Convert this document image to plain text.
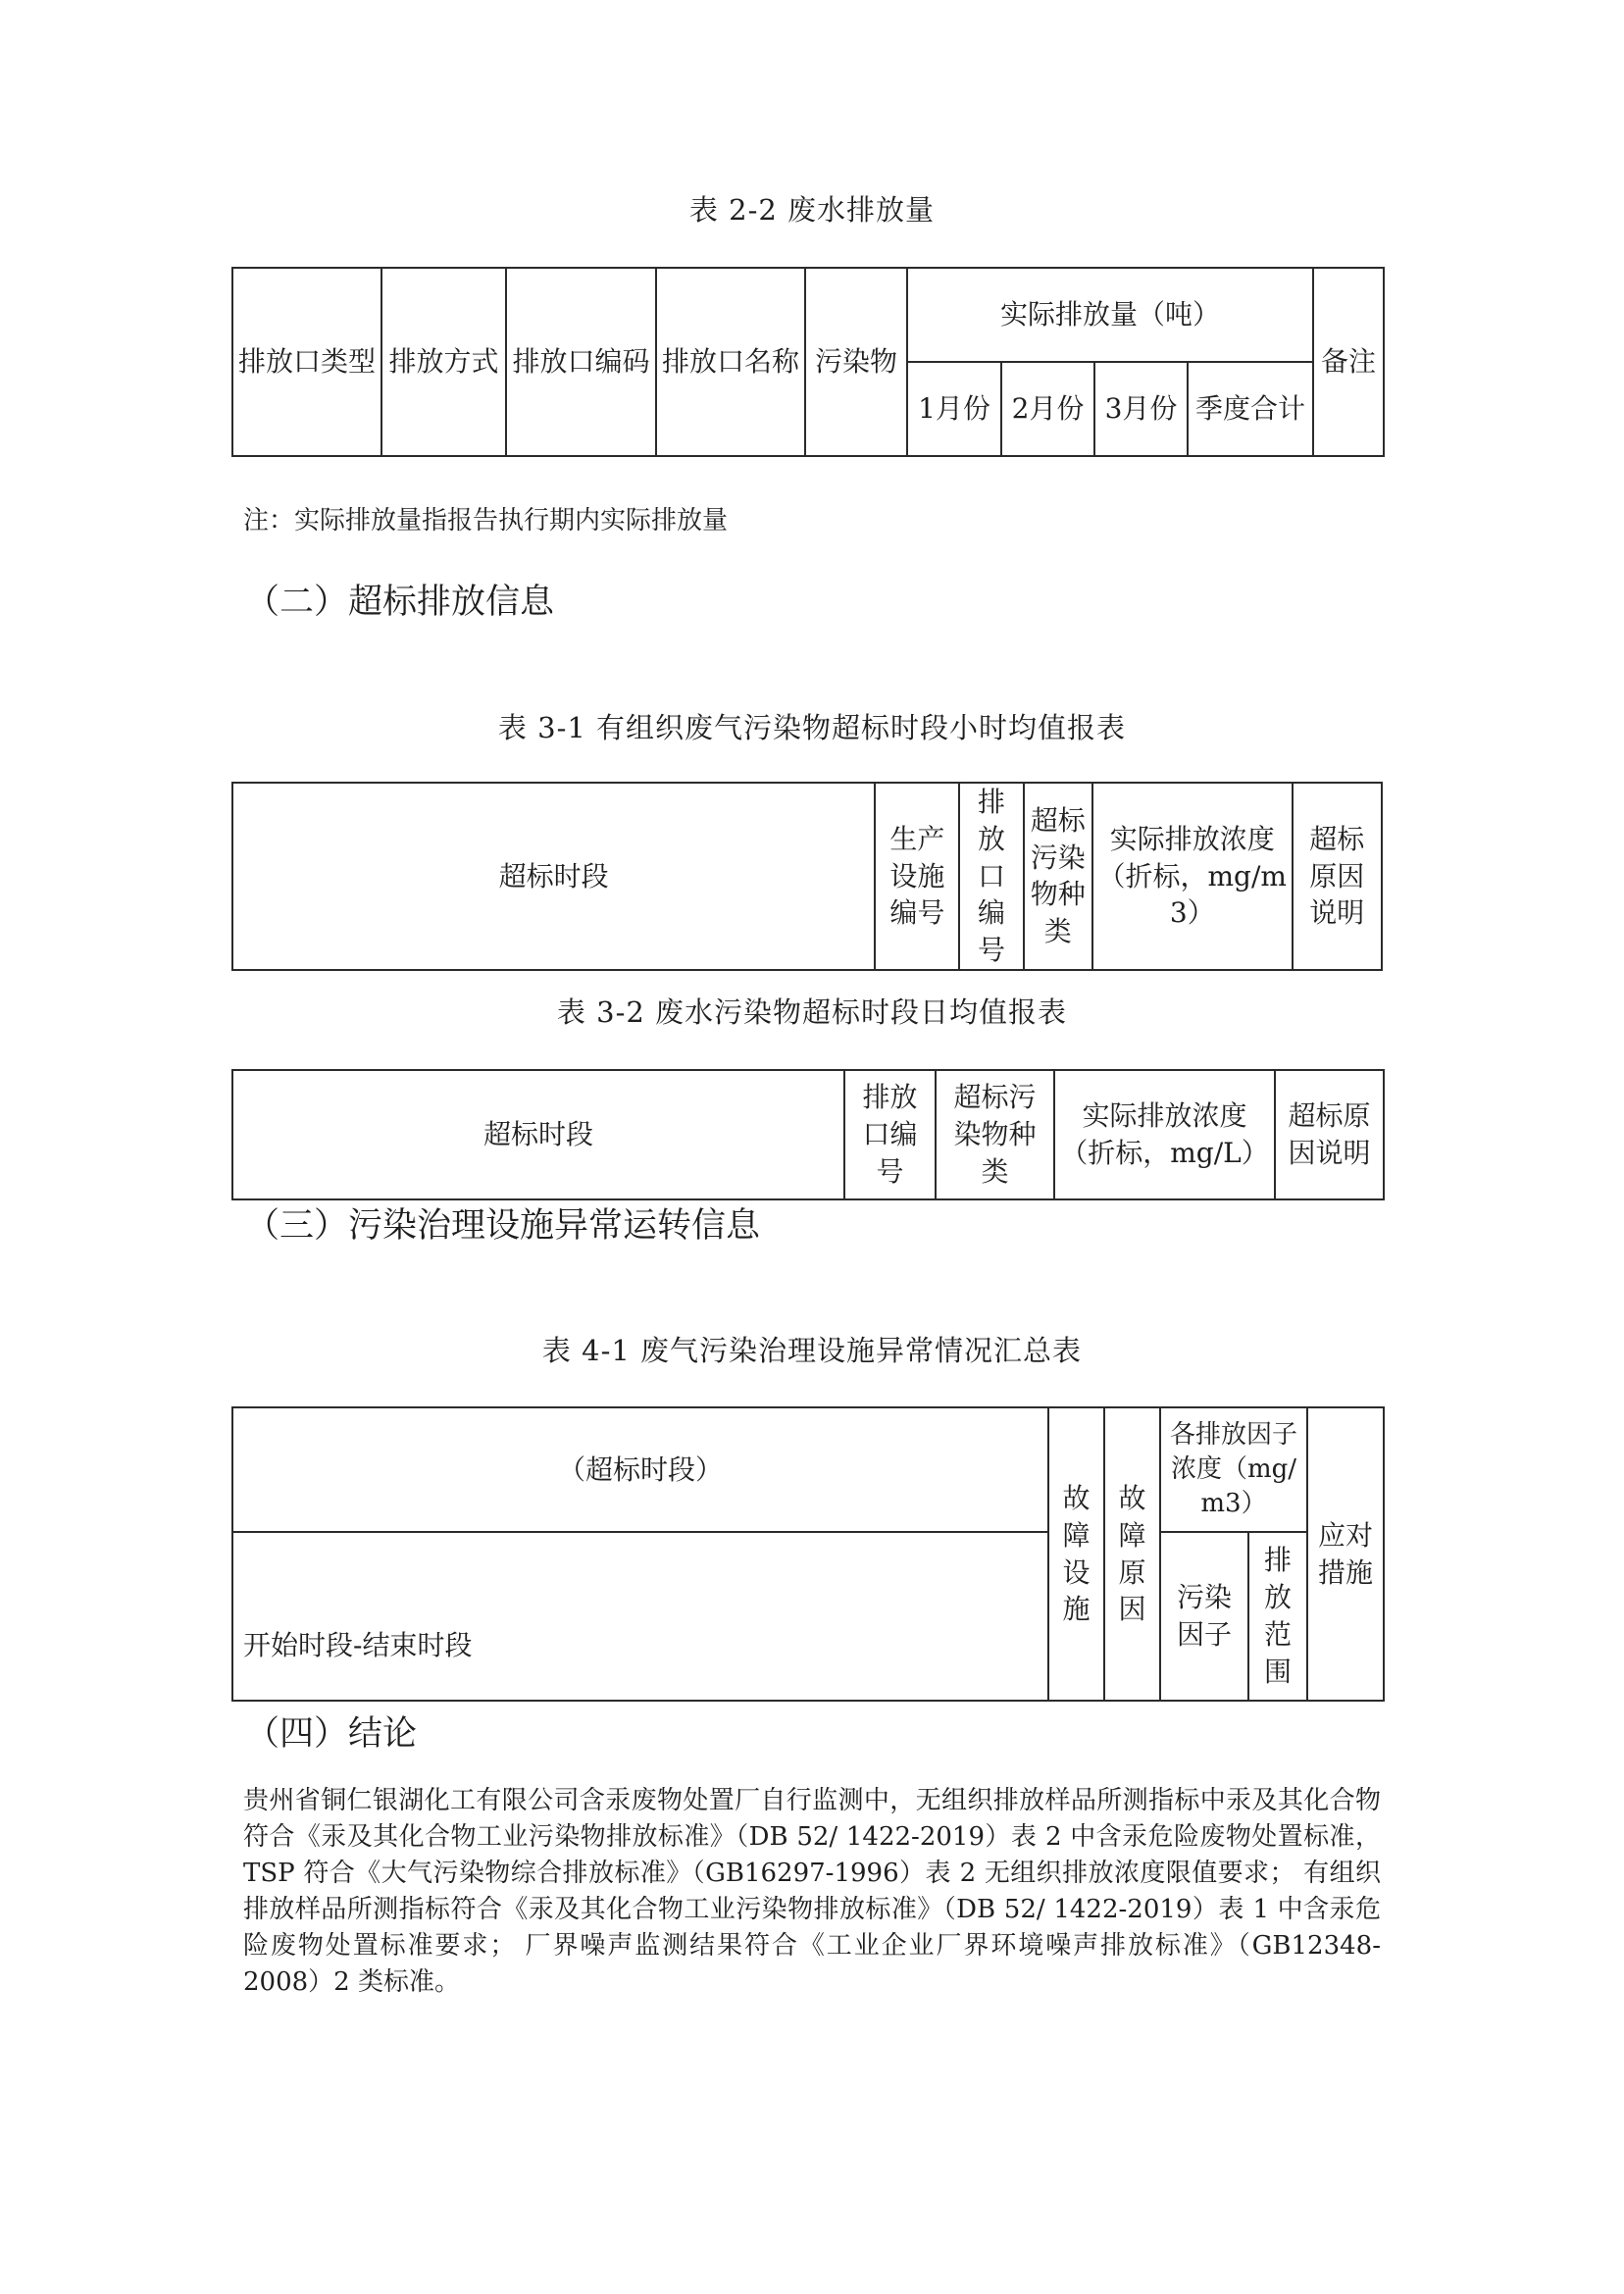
表 2-2 废水排放量
排放口类型	排放方式	排放口编码	排放口名称	污染物	实际排放量（吨）				备注
					1月份	2月份	3月份	季度合计	
注：实际排放量指报告执行期内实际排放量
（二）超标排放信息
表 3-1 有组织废气污染物超标时段小时均值报表
超标时段	生产设施编号	排放口编号	超标污染物种类	实际排放浓度（折标，mg/m3）	超标原因说明
表 3-2 废水污染物超标时段日均值报表
超标时段	排放口编号	超标污染物种类	实际排放浓度（折标，mg/L）	超标原因说明
（三）污染治理设施异常运转信息
表 4-1 废气污染治理设施异常情况汇总表
（超标时段）	故障设施	故障原因	各排放因子浓度（mg/m3）		应对措施
开始时段-结束时段			污染因子	排放范围	
（四）结论
贵州省铜仁银湖化工有限公司含汞废物处置厂自行监测中，无组织排放样品所测指标中汞及其化合物符合《汞及其化合物工业污染物排放标准》（DB 52/ 1422-2019）表 2 中含汞危险废物处置标准，TSP 符合《大气污染物综合排放标准》（GB16297-1996）表 2 无组织排放浓度限值要求； 有组织排放样品所测指标符合《汞及其化合物工业污染物排放标准》（DB 52/ 1422-2019）表 1 中含汞危险废物处置标准要求； 厂界噪声监测结果符合《工业企业厂界环境噪声排放标准》（GB12348-2008）2 类标准。
